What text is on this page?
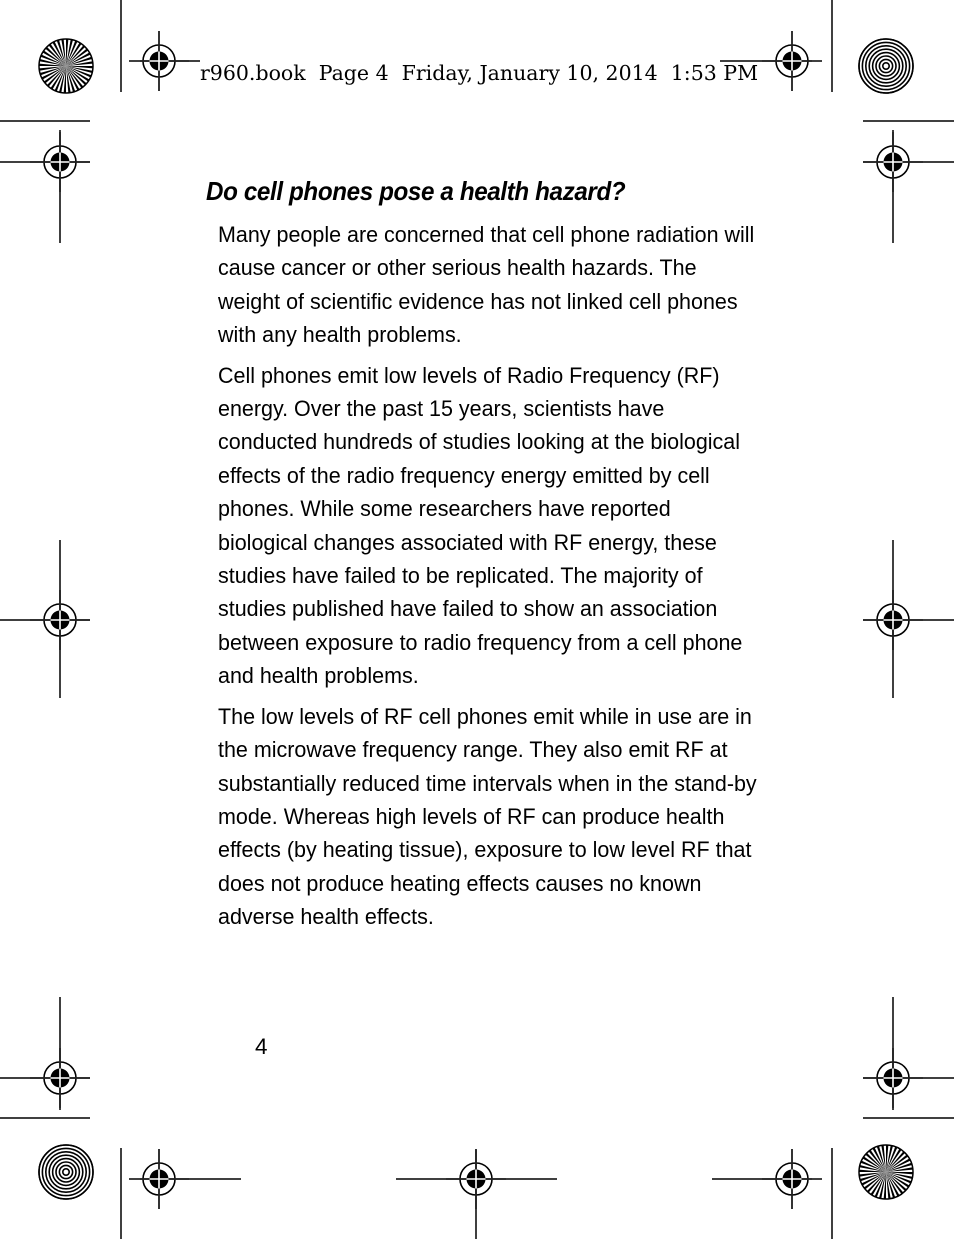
r960.book  Page 4  Friday, January 10, 2014  1:53 PM
Do cell phones pose a health hazard?

Many people are concerned that cell phone radiation will cause cancer or other serious health hazards. The weight of scientific evidence has not linked cell phones with any health problems.

Cell phones emit low levels of Radio Frequency (RF) energy. Over the past 15 years, scientists have conducted hundreds of studies looking at the biological effects of the radio frequency energy emitted by cell phones. While some researchers have reported biological changes associated with RF energy, these studies have failed to be replicated. The majority of studies published have failed to show an association between exposure to radio frequency from a cell phone and health problems.

The low levels of RF cell phones emit while in use are in the microwave frequency range. They also emit RF at substantially reduced time intervals when in the stand-by mode. Whereas high levels of RF can produce health effects (by heating tissue), exposure to low level RF that does not produce heating effects causes no known adverse health effects.

4
